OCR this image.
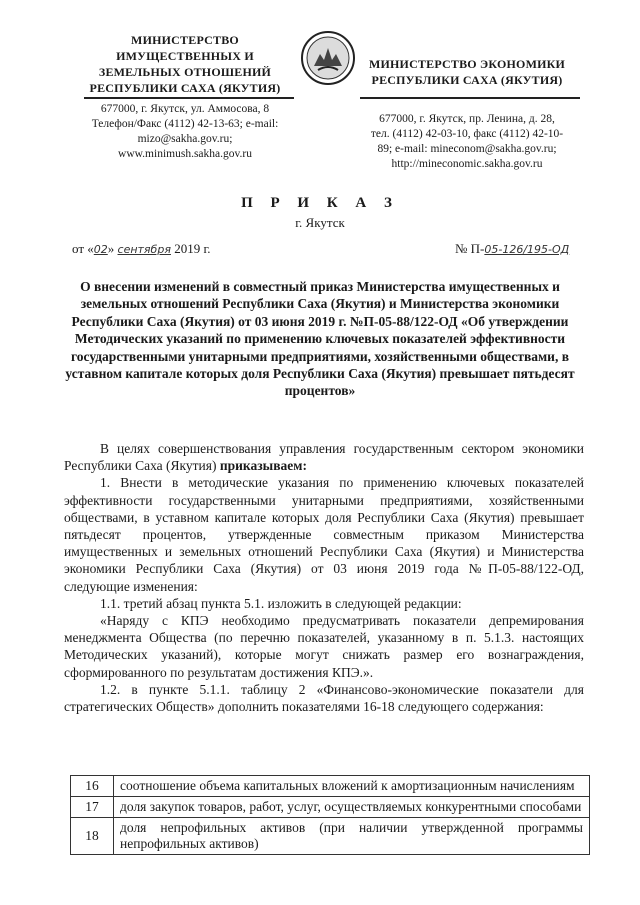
МИНИСТЕРСТВО
ИМУЩЕСТВЕННЫХ И
ЗЕМЕЛЬНЫХ ОТНОШЕНИЙ
РЕСПУБЛИКИ САХА (ЯКУТИЯ)
677000, г. Якутск, ул. Аммосова, 8
Телефон/Факс (4112) 42-13-63; e-mail:
mizo@sakha.gov.ru;
www.minimush.sakha.gov.ru
МИНИСТЕРСТВО ЭКОНОМИКИ
РЕСПУБЛИКИ САХА (ЯКУТИЯ)
677000, г. Якутск, пр. Ленина, д. 28,
тел. (4112) 42-03-10, факс (4112) 42-10-
89; e-mail: mineconom@sakha.gov.ru;
http://mineconomic.sakha.gov.ru
П Р И К А З
г. Якутск
от «02» сентября 2019 г.	№ П-05-126/195-ОД
О внесении изменений в совместный приказ Министерства имущественных и земельных отношений Республики Саха (Якутия) и Министерства экономики Республики Саха (Якутия) от 03 июня 2019 г. №П-05-88/122-ОД «Об утверждении Методических указаний по применению ключевых показателей эффективности государственными унитарными предприятиями, хозяйственными обществами, в уставном капитале которых доля Республики Саха (Якутия) превышает пятьдесят процентов»

В целях совершенствования управления государственным сектором экономики Республики Саха (Якутия) приказываем:

1. Внести в методические указания по применению ключевых показателей эффективности государственными унитарными предприятиями, хозяйственными обществами, в уставном капитале которых доля Республики Саха (Якутия) превышает пятьдесят процентов, утвержденные совместным приказом Министерства имущественных и земельных отношений Республики Саха (Якутия) и Министерства экономики Республики Саха (Якутия) от 03 июня 2019 года №П-05-88/122-ОД, следующие изменения:

1.1. третий абзац пункта 5.1. изложить в следующей редакции:

«Наряду с КПЭ необходимо предусматривать показатели депремирования менеджмента Общества (по перечню показателей, указанному в п. 5.1.3. настоящих Методических указаний), которые могут снижать размер его вознаграждения, сформированного по результатам достижения КПЭ.».

1.2. в пункте 5.1.1. таблицу 2 «Финансово-экономические показатели для стратегических Обществ» дополнить показателями 16-18 следующего содержания:

16	соотношение объема капитальных вложений к амортизационным начислениям
17	доля закупок товаров, работ, услуг, осуществляемых конкурентными способами
18	доля непрофильных активов (при наличии утвержденной программы непрофильных активов)
